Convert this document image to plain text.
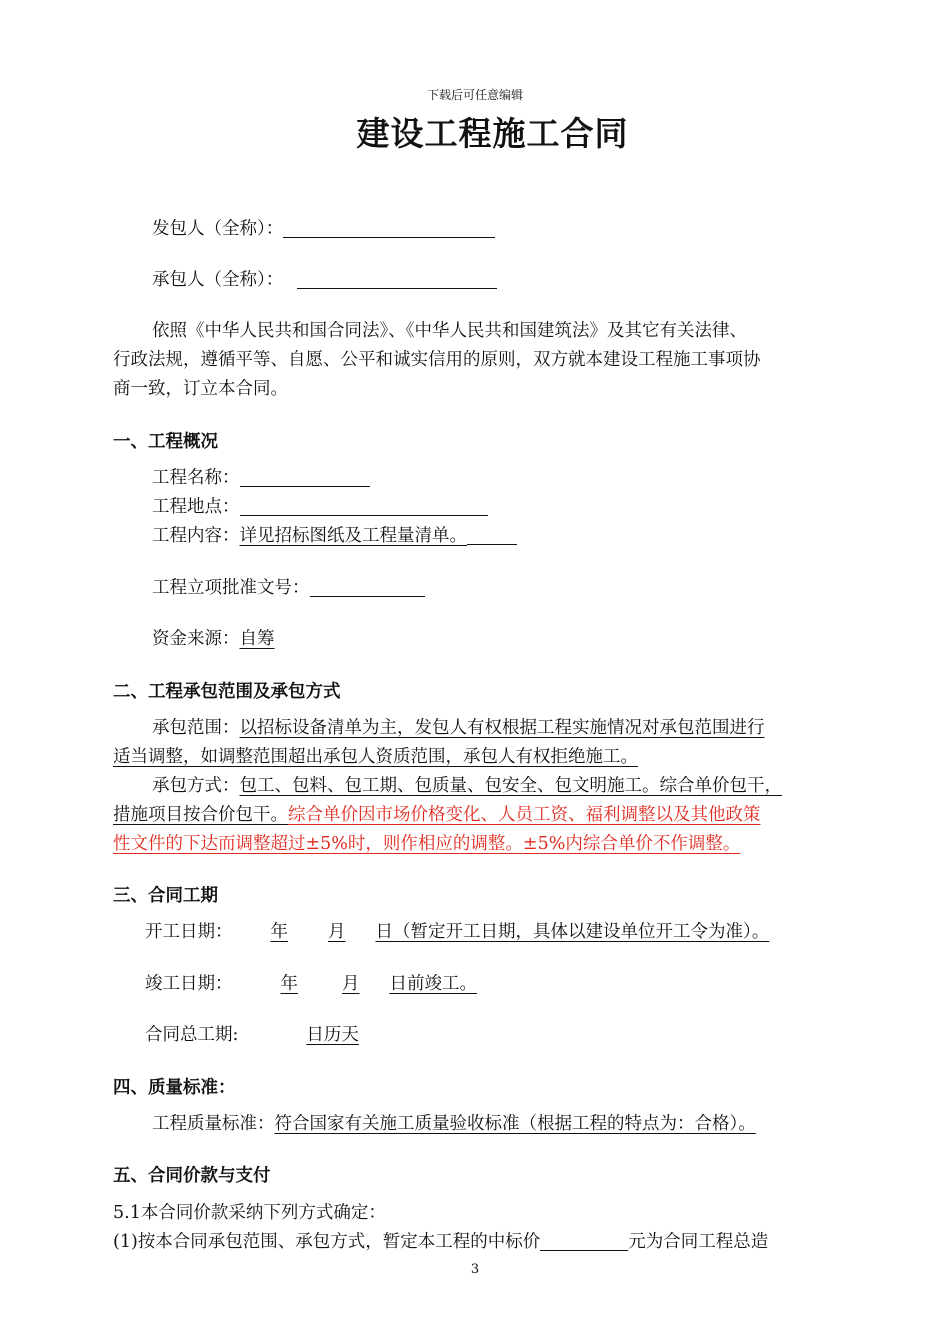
下载后可任意编辑
建设工程施工合同
发包人（全称）：
承包人（全称）：
依照《中华人民共和国合同法》、《中华人民共和国建筑法》及其它有关法律、
行政法规，遵循平等、自愿、公平和诚实信用的原则，双方就本建设工程施工事项协
商一致，订立本合同。
一、工程概况
工程名称：
工程地点：
工程内容：详见招标图纸及工程量清单。
工程立项批准文号：
资金来源：自筹
二、工程承包范围及承包方式
承包范围：以招标设备清单为主，发包人有权根据工程实施情况对承包范围进行
适当调整，如调整范围超出承包人资质范围，承包人有权拒绝施工。
承包方式：包工、包料、包工期、包质量、包安全、包文明施工。综合单价包干，
措施项目按合价包干。综合单价因市场价格变化、人员工资、福利调整以及其他政策
性文件的下达而调整超过±5%时，则作相应的调整。±5%内综合单价不作调整。
三、合同工期
开工日期： 年 月 日（暂定开工日期，具体以建设单位开工令为准）。
竣工日期：	年	月 日前竣工。
合同总工期:	日历天
四、质量标准：
工程质量标准：符合国家有关施工质量验收标准（根据工程的特点为：合格）。
五、合同价款与支付
5.1本合同价款采纳下列方式确定：
(1)按本合同承包范围、承包方式，暂定本工程的中标价	元为合同工程总造
3
